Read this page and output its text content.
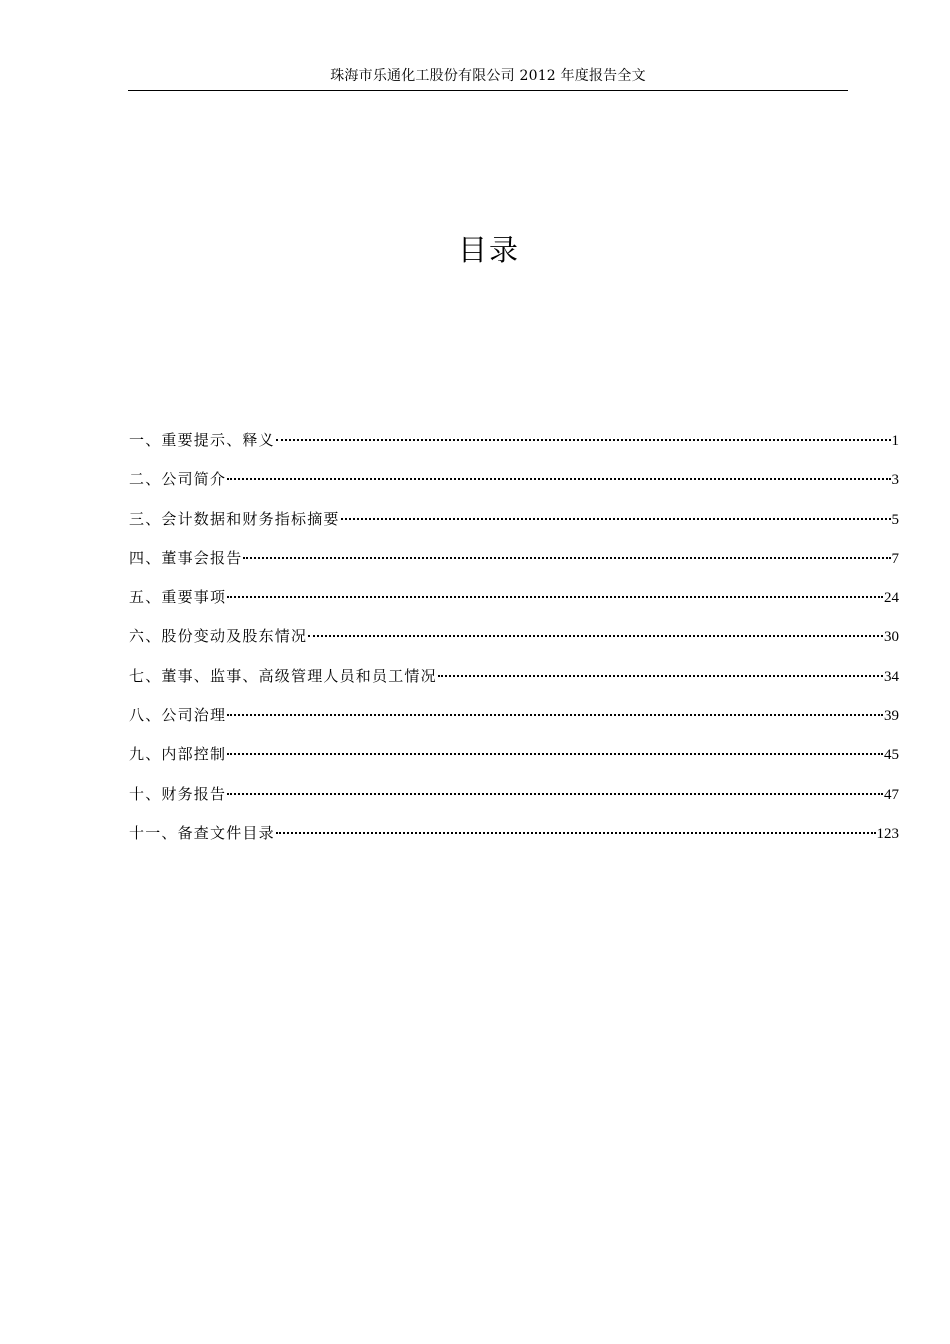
珠海市乐通化工股份有限公司 2012 年度报告全文
目录
一、重要提示、释义	1
二、公司简介	3
三、会计数据和财务指标摘要	5
四、董事会报告	7
五、重要事项	24
六、股份变动及股东情况	30
七、董事、监事、高级管理人员和员工情况	34
八、公司治理	39
九、内部控制	45
十、财务报告	47
十一、备查文件目录	123
